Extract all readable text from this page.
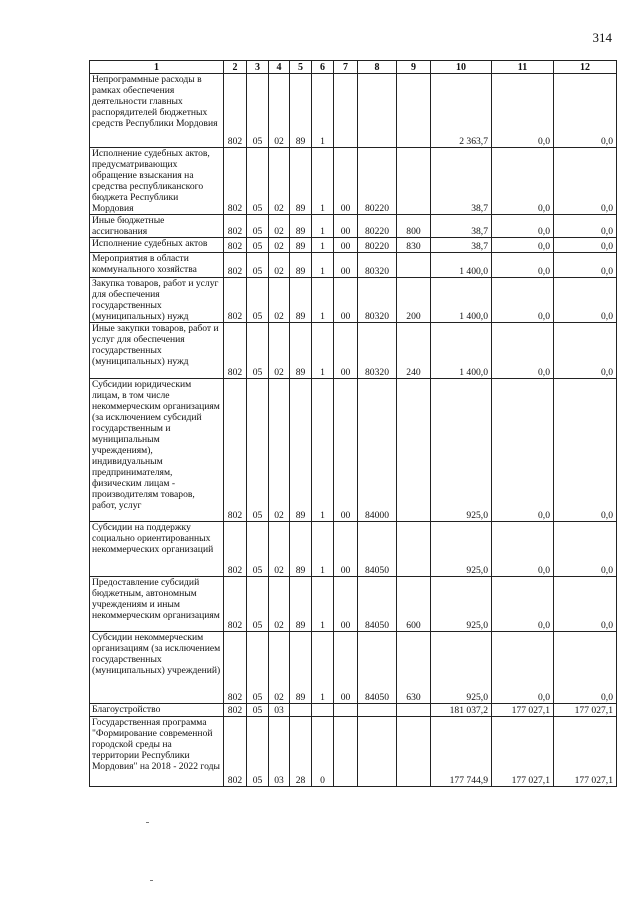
314
1	2	3	4	5	6	7	8	9	10	11	12
Непрограммные расходы в рамках обеспечения деятельности главных распорядителей бюджетных средств Республики Мордовия	802	05	02	89	1				2 363,7	0,0	0,0
Исполнение судебных актов, предусматривающих обращение взыскания на средства республиканского бюджета Республики Мордовия	802	05	02	89	1	00	80220		38,7	0,0	0,0
Иные бюджетные ассигнования	802	05	02	89	1	00	80220	800	38,7	0,0	0,0
Исполнение судебных актов	802	05	02	89	1	00	80220	830	38,7	0,0	0,0
Мероприятия в области коммунального хозяйства	802	05	02	89	1	00	80320		1 400,0	0,0	0,0
Закупка товаров, работ и услуг для обеспечения государственных (муниципальных) нужд	802	05	02	89	1	00	80320	200	1 400,0	0,0	0,0
Иные закупки товаров, работ и услуг для обеспечения государственных (муниципальных) нужд	802	05	02	89	1	00	80320	240	1 400,0	0,0	0,0
Субсидии юридическим лицам, в том числе некоммерческим организациям (за исключением субсидий государственным и муниципальным учреждениям), индивидуальным предпринимателям, физическим лицам - производителям товаров, работ, услуг	802	05	02	89	1	00	84000		925,0	0,0	0,0
Субсидии на поддержку социально ориентированных некоммерческих организаций	802	05	02	89	1	00	84050		925,0	0,0	0,0
Предоставление субсидий бюджетным, автономным учреждениям и иным некоммерческим организациям	802	05	02	89	1	00	84050	600	925,0	0,0	0,0
Субсидии некоммерческим организациям (за исключением государственных (муниципальных) учреждений)	802	05	02	89	1	00	84050	630	925,0	0,0	0,0
Благоустройство	802	05	03						181 037,2	177 027,1	177 027,1
Государственная программа "Формирование современной городской среды на территории Республики Мордовия" на 2018 - 2022 годы	802	05	03	28	0				177 744,9	177 027,1	177 027,1
